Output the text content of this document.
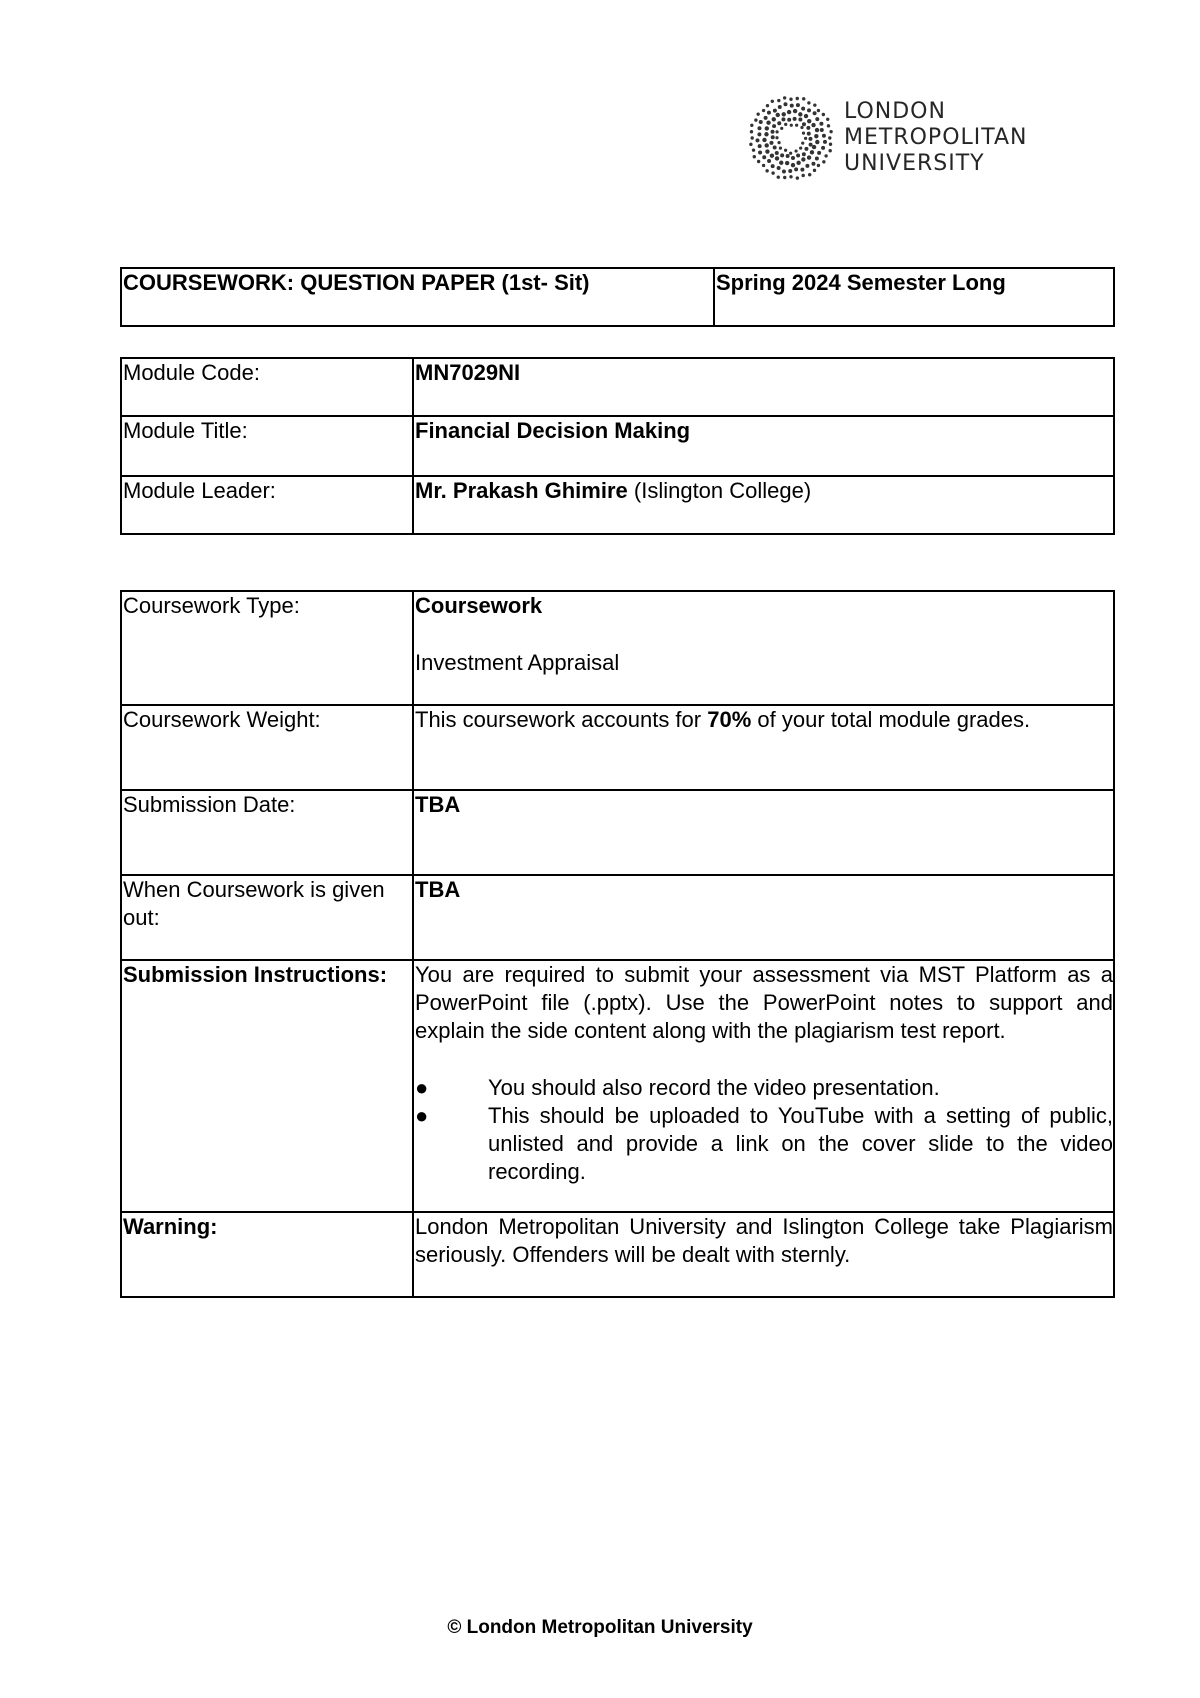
LONDON
METROPOLITAN
UNIVERSITY
COURSEWORK: QUESTION PAPER (1st- Sit)	Spring 2024 Semester Long
Module Code:	MN7029NI
Module Title:	Financial Decision Making
Module Leader:	Mr. Prakash Ghimire (Islington College)
Coursework Type:	Coursework
Investment Appraisal

Coursework Weight:	This coursework accounts for 70% of your total module grades.
Submission Date:	TBA
When Coursework is given out:	TBA
Submission Instructions:	You are required to submit your assessment via MST Platform as a PowerPoint file (.pptx). Use the PowerPoint notes to support and explain the side content along with the plagiarism test report.
● You should also record the video presentation.
● This should be uploaded to YouTube with a setting of public, unlisted and provide a link on the cover slide to the video recording.

Warning:	London Metropolitan University and Islington College take Plagiarism seriously. Offenders will be dealt with sternly.
© London Metropolitan University
